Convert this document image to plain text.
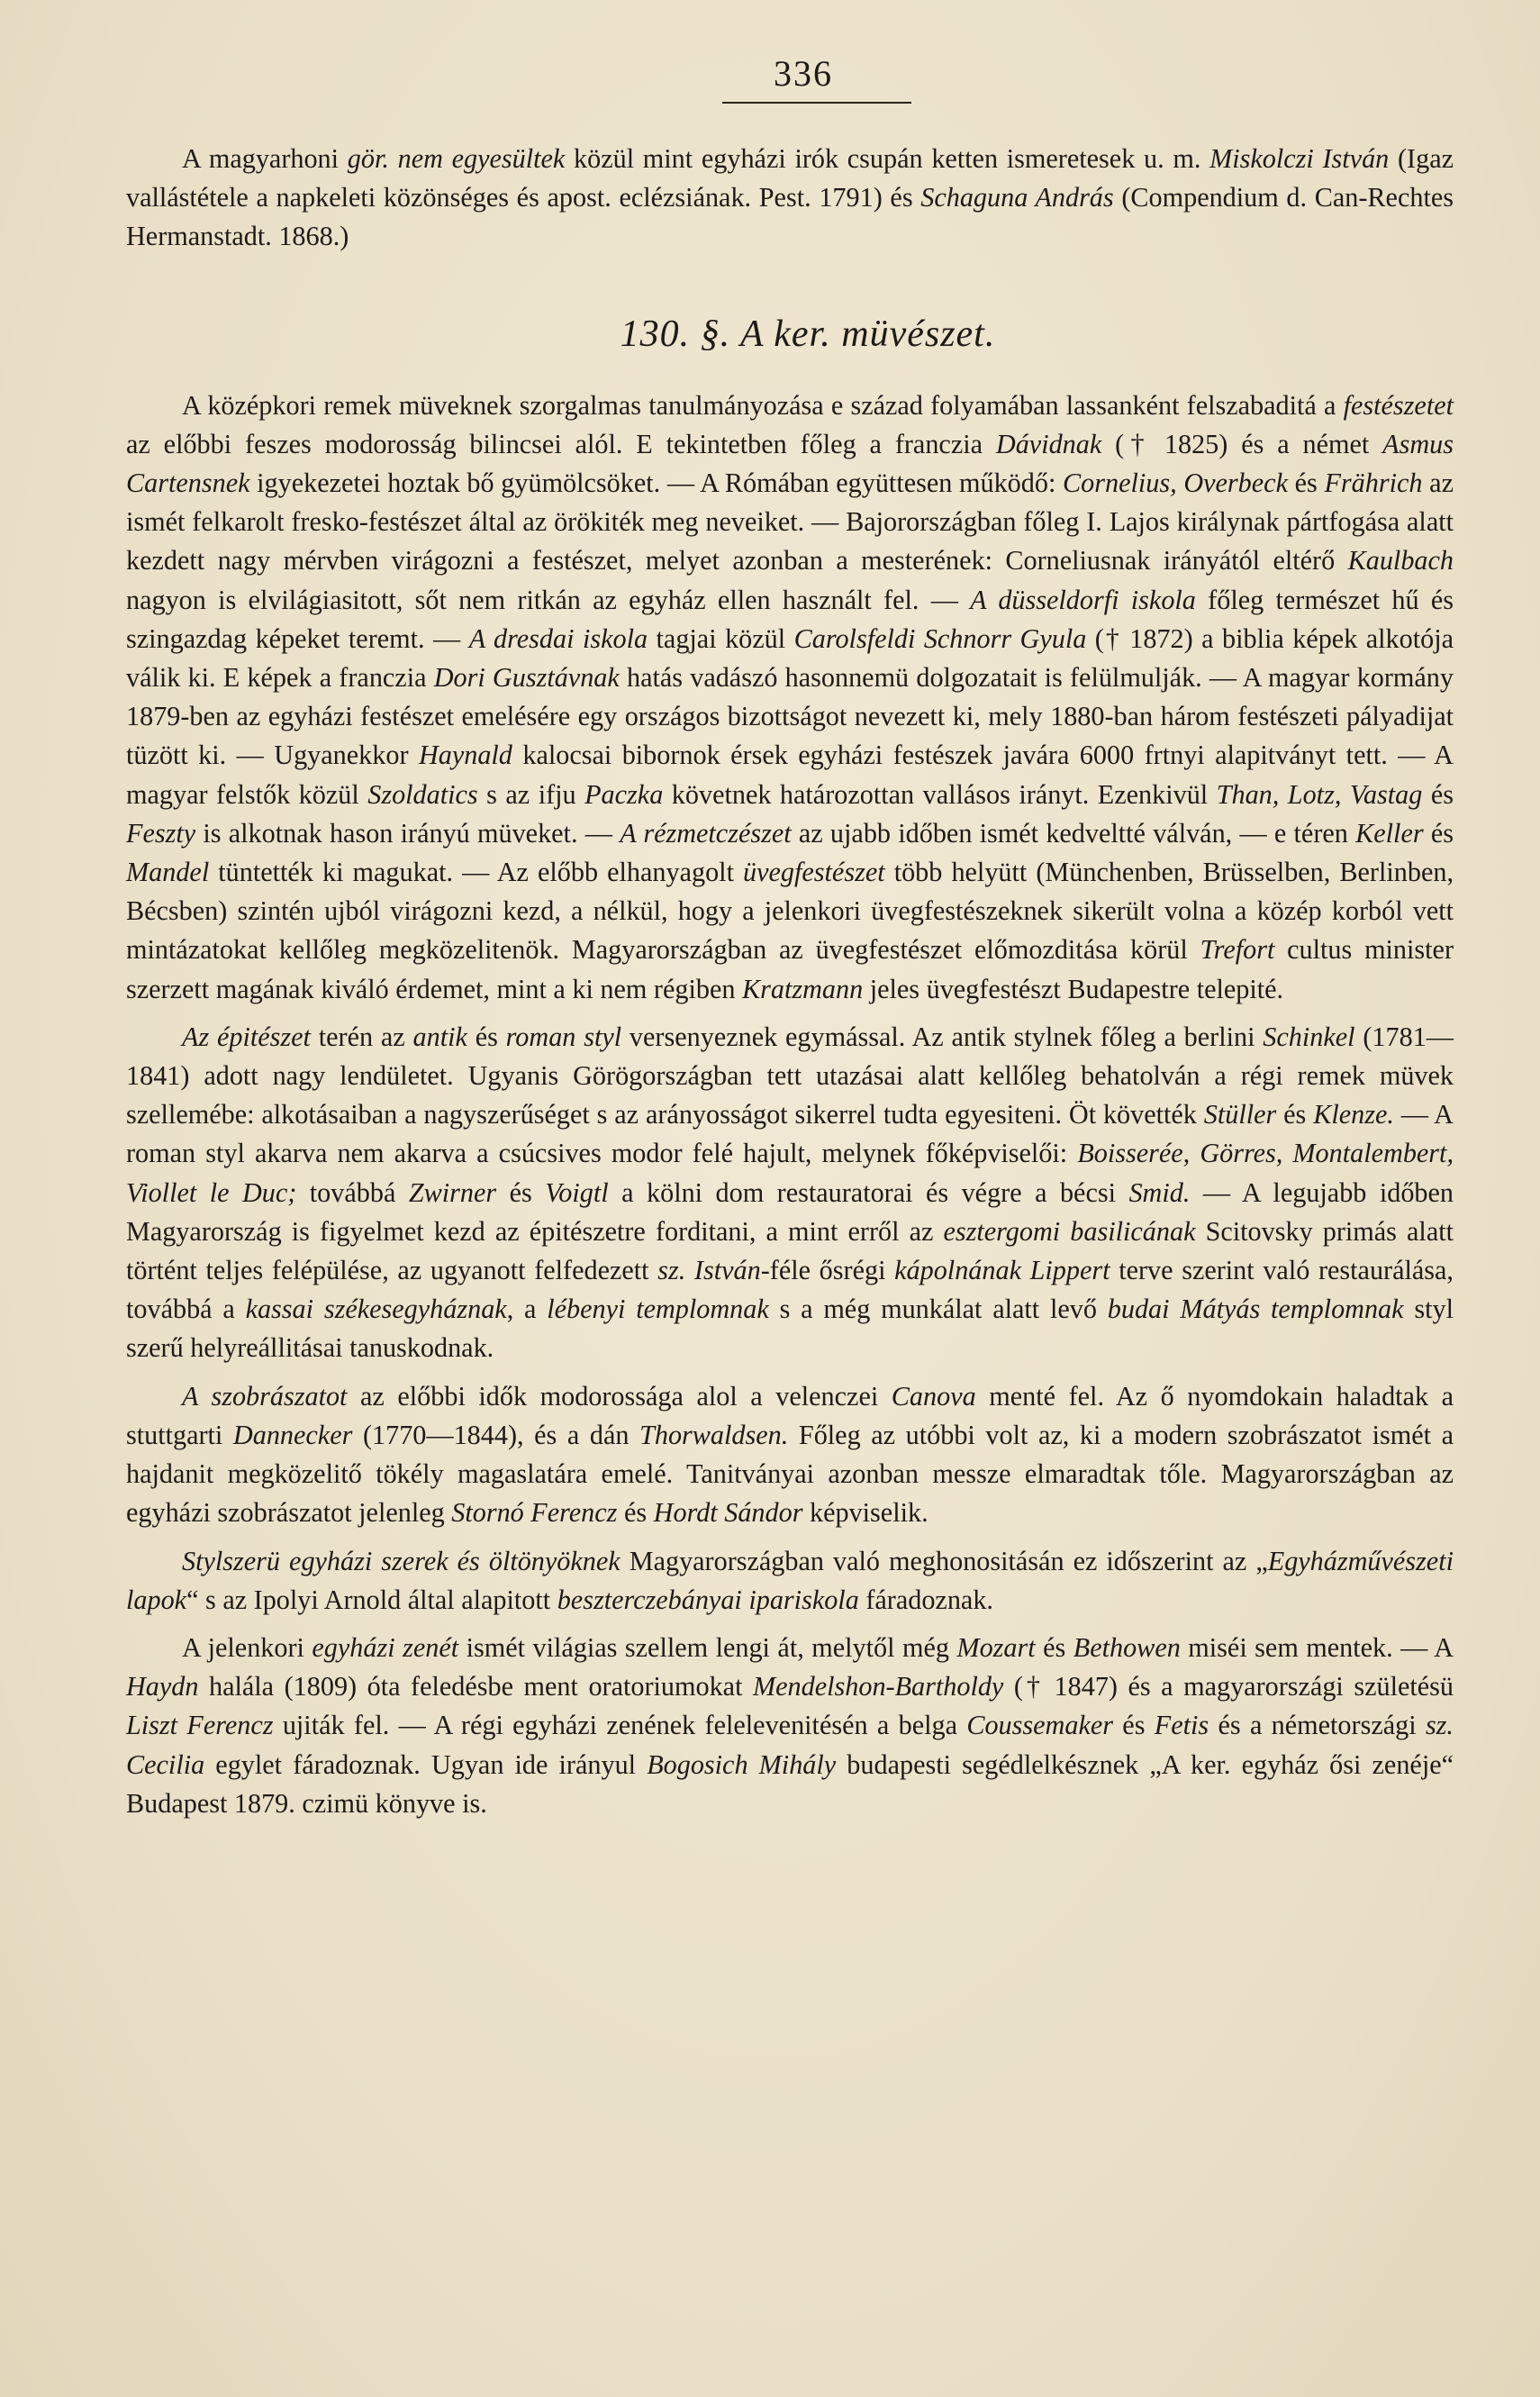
336

A magyarhoni gör. nem egyesültek közül mint egyházi irók csupán ketten ismeretesek u. m. Miskolczi István (Igaz vallástétele a napkeleti közönséges és apost. eclézsiának. Pest. 1791) és Schaguna András (Compendium d. Can-Rechtes Hermanstadt. 1868.)

130. §. A ker. müvészet.

A középkori remek müveknek szorgalmas tanulmányozása e század folyamában lassanként felszabaditá a festészetet az előbbi feszes modorosság bilincsei alól. E tekintetben főleg a franczia Dávidnak († 1825) és a német Asmus Cartensnek igyekezetei hoztak bő gyümölcsöket. — A Rómában együttesen működő: Cornelius, Overbeck és Frährich az ismét felkarolt fresko-festészet által az örökiték meg neveiket. — Bajorországban főleg I. Lajos királynak pártfogása alatt kezdett nagy mérvben virágozni a festészet, melyet azonban a mesterének: Corneliusnak irányától eltérő Kaulbach nagyon is elvilágiasitott, sőt nem ritkán az egyház ellen használt fel. — A düsseldorfi iskola főleg természet hű és szingazdag képeket teremt. — A dresdai iskola tagjai közül Carolsfeldi Schnorr Gyula († 1872) a biblia képek alkotója válik ki. E képek a franczia Dori Gusztávnak hatás vadászó hasonnemü dolgozatait is felülmulják. — A magyar kormány 1879-ben az egyházi festészet emelésére egy országos bizottságot nevezett ki, mely 1880-ban három festészeti pályadijat tüzött ki. — Ugyanekkor Haynald kalocsai bibornok érsek egyházi festészek javára 6000 frtnyi alapitványt tett. — A magyar felstők közül Szoldatics s az ifju Paczka követnek határozottan vallásos irányt. Ezenkivül Than, Lotz, Vastag és Feszty is alkotnak hason irányú müveket. — A rézmetczészet az ujabb időben ismét kedveltté válván, — e téren Keller és Mandel tüntették ki magukat. — Az előbb elhanyagolt üvegfestészet több helyütt (Münchenben, Brüsselben, Berlinben, Bécsben) szintén ujból virágozni kezd, a nélkül, hogy a jelenkori üvegfestészeknek sikerült volna a közép korból vett mintázatokat kellőleg megközelitenök. Magyarországban az üvegfestészet előmozditása körül Trefort cultus minister szerzett magának kiváló érdemet, mint a ki nem régiben Kratzmann jeles üvegfestészt Budapestre telepité.

Az épitészet terén az antik és roman styl versenyeznek egymással. Az antik stylnek főleg a berlini Schinkel (1781—1841) adott nagy lendületet. Ugyanis Görögországban tett utazásai alatt kellőleg behatolván a régi remek müvek szellemébe: alkotásaiban a nagyszerűséget s az arányosságot sikerrel tudta egyesiteni. Öt követték Stüller és Klenze. — A roman styl akarva nem akarva a csúcsives modor felé hajult, melynek főképviselői: Boisserée, Görres, Montalembert, Viollet le Duc; továbbá Zwirner és Voigtl a kölni dom restauratorai és végre a bécsi Smid. — A legujabb időben Magyarország is figyelmet kezd az épitészetre forditani, a mint erről az esztergomi basilicának Scitovsky primás alatt történt teljes felépülése, az ugyanott felfedezett sz. István-féle ősrégi kápolnának Lippert terve szerint való restaurálása, továbbá a kassai székesegyháznak, a lébenyi templomnak s a még munkálat alatt levő budai Mátyás templomnak styl szerű helyreállitásai tanuskodnak.

A szobrászatot az előbbi idők modorossága alol a velenczei Canova menté fel. Az ő nyomdokain haladtak a stuttgarti Dannecker (1770—1844), és a dán Thorwaldsen. Főleg az utóbbi volt az, ki a modern szobrászatot ismét a hajdanit megközelitő tökély magaslatára emelé. Tanitványai azonban messze elmaradtak tőle. Magyarországban az egyházi szobrászatot jelenleg Stornó Ferencz és Hordt Sándor képviselik.

Stylszerü egyházi szerek és öltönyöknek Magyarországban való meghonositásán ez időszerint az „Egyházművészeti lapok“ s az Ipolyi Arnold által alapitott beszterczebányai ipariskola fáradoznak.

A jelenkori egyházi zenét ismét világias szellem lengi át, melytől még Mozart és Bethowen miséi sem mentek. — A Haydn halála (1809) óta feledésbe ment oratoriumokat Mendelshon-Bartholdy († 1847) és a magyarországi születésü Liszt Ferencz ujiták fel. — A régi egyházi zenének felelevenitésén a belga Coussemaker és Fetis és a németországi sz. Cecilia egylet fáradoznak. Ugyan ide irányul Bogosich Mihály budapesti segédlelkésznek „A ker. egyház ősi zenéje“ Budapest 1879. czimü könyve is.
